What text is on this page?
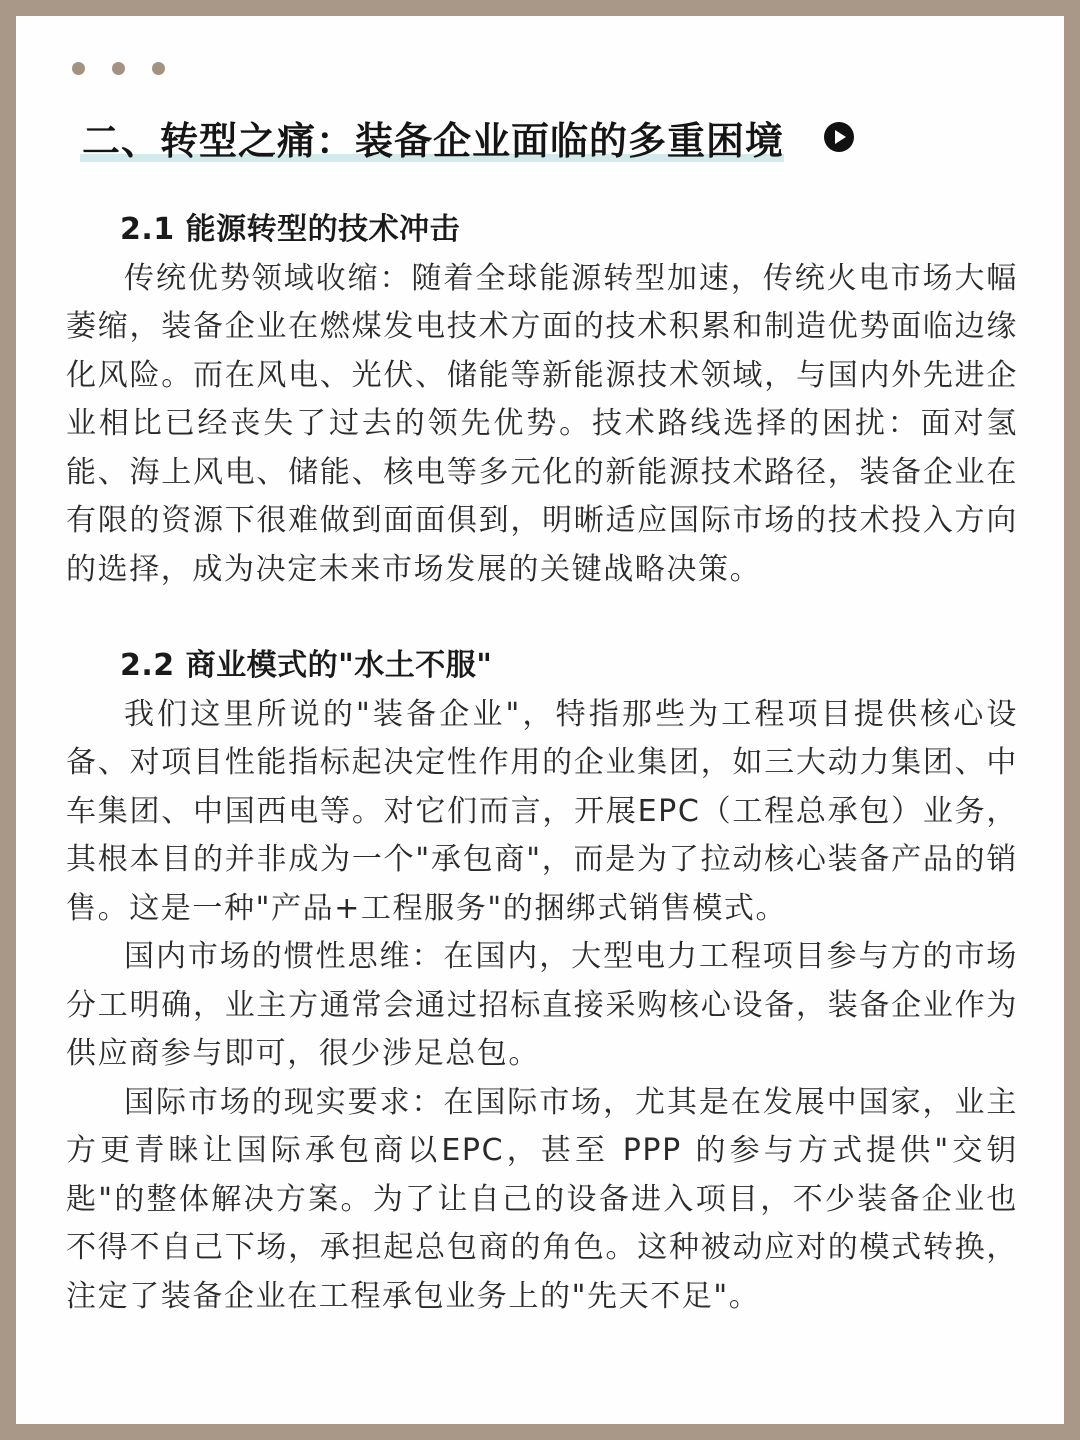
二、转型之痛：装备企业面临的多重困境

2.1 能源转型的技术冲击

传统优势领域收缩：随着全球能源转型加速，传统火电市场大幅萎缩，装备企业在燃煤发电技术方面的技术积累和制造优势面临边缘化风险。而在风电、光伏、储能等新能源技术领域，与国内外先进企业相比已经丧失了过去的领先优势。技术路线选择的困扰：面对氢能、海上风电、储能、核电等多元化的新能源技术路径，装备企业在有限的资源下很难做到面面俱到，明晰适应国际市场的技术投入方向的选择，成为决定未来市场发展的关键战略决策。

2.2 商业模式的"水土不服"

我们这里所说的"装备企业"，特指那些为工程项目提供核心设备、对项目性能指标起决定性作用的企业集团，如三大动力集团、中车集团、中国西电等。对它们而言，开展EPC（工程总承包）业务，其根本目的并非成为一个"承包商"，而是为了拉动核心装备产品的销售。这是一种"产品+工程服务"的捆绑式销售模式。

国内市场的惯性思维：在国内，大型电力工程项目参与方的市场分工明确，业主方通常会通过招标直接采购核心设备，装备企业作为供应商参与即可，很少涉足总包。

国际市场的现实要求：在国际市场，尤其是在发展中国家，业主方更青睐让国际承包商以EPC，甚至 PPP 的参与方式提供"交钥匙"的整体解决方案。为了让自己的设备进入项目，不少装备企业也不得不自己下场，承担起总包商的角色。这种被动应对的模式转换，注定了装备企业在工程承包业务上的"先天不足"。
